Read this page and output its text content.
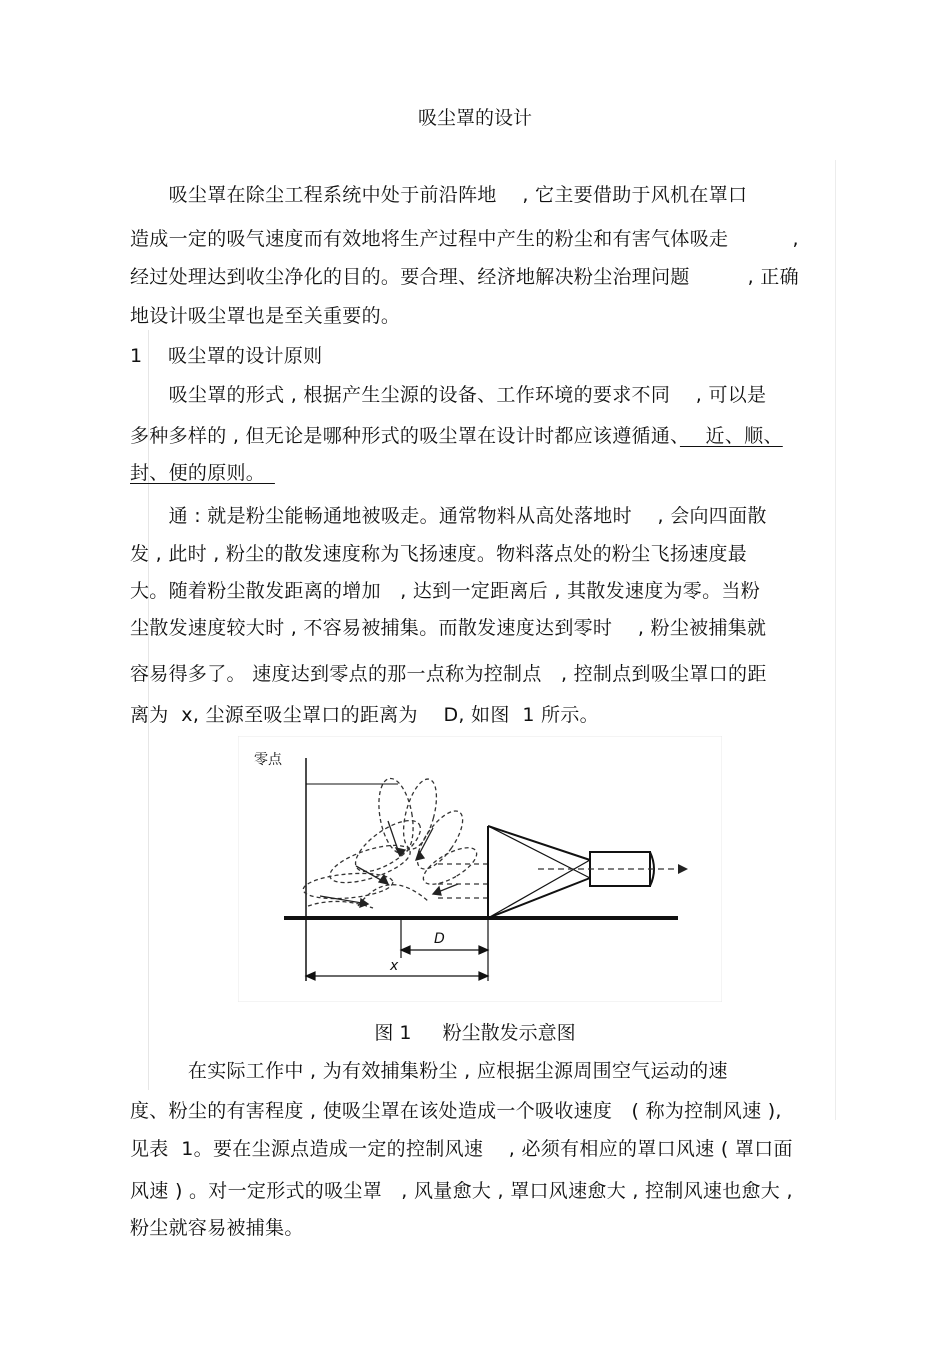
吸尘罩的设计
　　吸尘罩在除尘工程系统中处于前沿阵地　 , 它主要借助于风机在罩口
造成一定的吸气速度而有效地将生产过程中产生的粉尘和有害气体吸走　　　 ,
经过处理达到收尘净化的目的。要合理、经济地解决粉尘治理问题　　　, 正确
地设计吸尘罩也是至关重要的。
1　 吸尘罩的设计原则
　　吸尘罩的形式 , 根据产生尘源的设备、工作环境的要求不同　 , 可以是
多种多样的 , 但无论是哪种形式的吸尘罩在设计时都应该遵循通、　 近、顺、
封、便的原则。　
　　通 : 就是粉尘能畅通地被吸走。通常物料从高处落地时　 , 会向四面散
发 , 此时 , 粉尘的散发速度称为飞扬速度。物料落点处的粉尘飞扬速度最
大。随着粉尘散发距离的增加　, 达到一定距离后 , 其散发速度为零。当粉
尘散发速度较大时 , 不容易被捕集。而散发速度达到零时　 , 粉尘被捕集就
容易得多了。 速度达到零点的那一点称为控制点　, 控制点到吸尘罩口的距
离为  x, 尘源至吸尘罩口的距离为　 D, 如图  1 所示。
零点
D
x
图 1　  粉尘散发示意图
　　　在实际工作中 , 为有效捕集粉尘 , 应根据尘源周围空气运动的速
度、粉尘的有害程度 , 使吸尘罩在该处造成一个吸收速度　( 称为控制风速 ),
见表  1。要在尘源点造成一定的控制风速　 , 必须有相应的罩口风速 ( 罩口面
风速 ) 。对一定形式的吸尘罩　, 风量愈大 , 罩口风速愈大 , 控制风速也愈大 ,
粉尘就容易被捕集。
